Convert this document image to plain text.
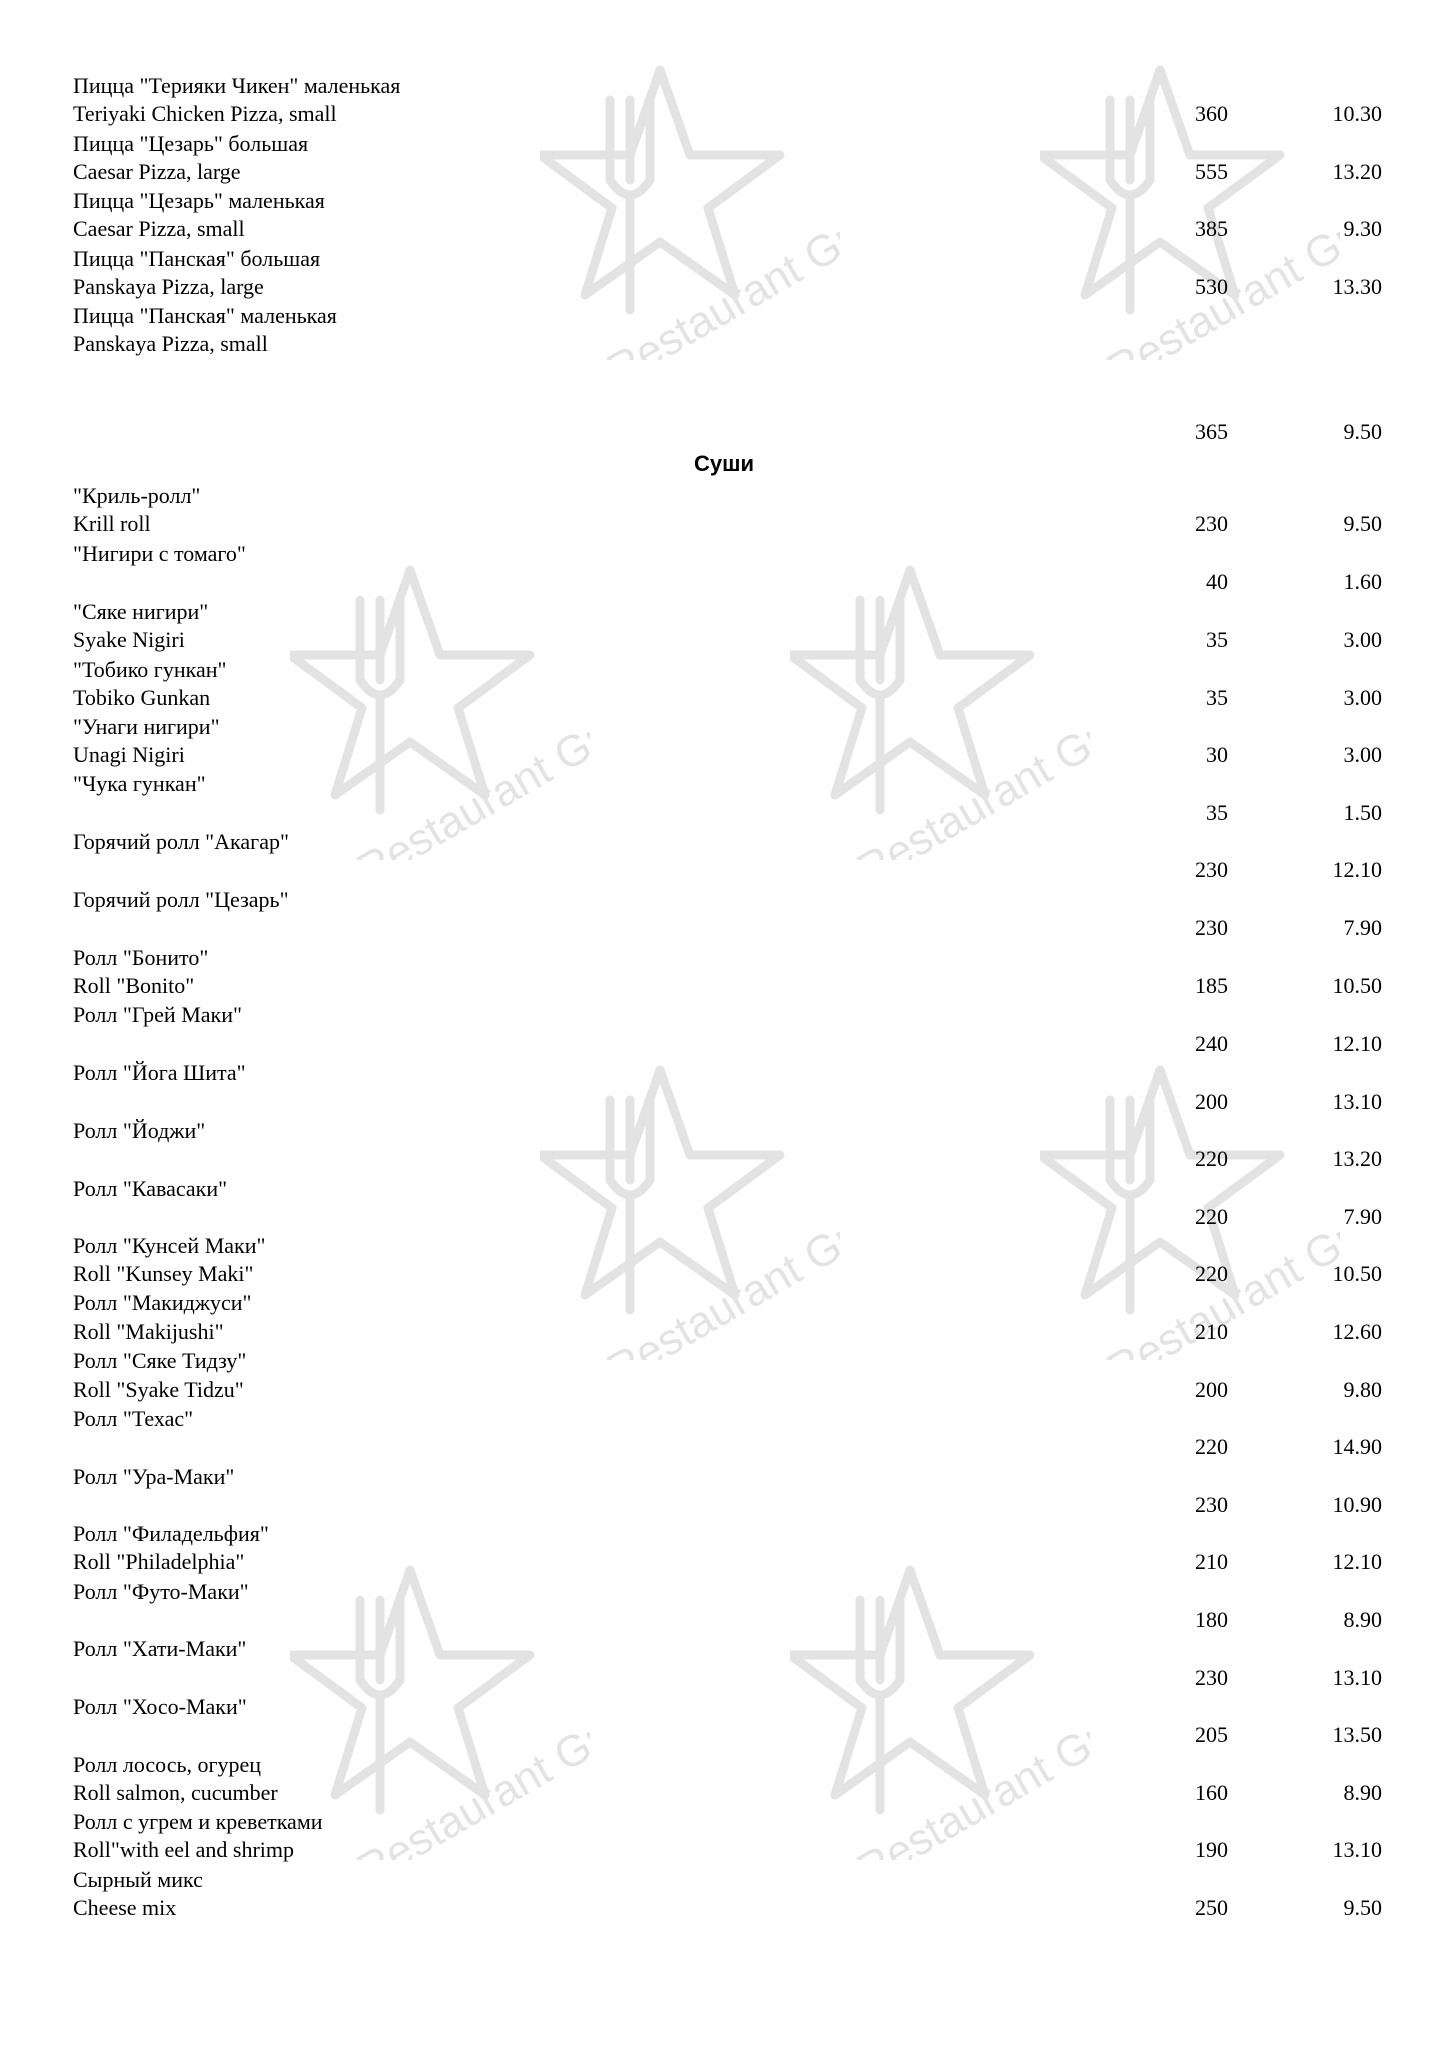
Restaurant Guru
Restaurant Guru
Restaurant Guru
Restaurant Guru
Restaurant Guru
Restaurant Guru
Restaurant Guru
Restaurant Guru
Пицца "Терияки Чикен" маленькая
Teriyaki Chicken Pizza, small	360	10.30
Пицца "Цезарь" большая
Caesar Pizza, large	555	13.20
Пицца "Цезарь" маленькая
Caesar Pizza, small	385	9.30
Пицца "Панская" большая
Panskaya Pizza, large	530	13.30
Пицца "Панская" маленькая
Panskaya Pizza, small
365	9.50
Суши
"Криль-ролл"
Krill roll	230	9.50
"Нигири с томаго"
40	1.60
"Сяке нигири"
Syake Nigiri	35	3.00
"Тобико гункан"
Tobiko Gunkan	35	3.00
"Унаги нигири"
Unagi Nigiri	30	3.00
"Чука гункан"
35	1.50
Горячий ролл "Акагар"
230	12.10
Горячий ролл "Цезарь"
230	7.90
Ролл "Бонито"
Roll "Bonito"	185	10.50
Ролл "Грей Маки"
240	12.10
Ролл "Йога Шита"
200	13.10
Ролл "Йоджи"
220	13.20
Ролл "Кавасаки"
220	7.90
Ролл "Кунсей Маки"
Roll "Kunsey Maki"	220	10.50
Ролл "Макиджуси"
Roll "Makijushi"	210	12.60
Ролл "Сяке Тидзу"
Roll "Syake Tidzu"	200	9.80
Ролл "Техас"
220	14.90
Ролл "Ура-Маки"
230	10.90
Ролл "Филадельфия"
Roll "Philadelphia"	210	12.10
Ролл "Футо-Маки"
180	8.90
Ролл "Хати-Маки"
230	13.10
Ролл "Хосо-Маки"
205	13.50
Ролл лосось, огурец
Roll salmon, cucumber	160	8.90
Ролл с угрем и креветками
Roll"with eel and shrimp	190	13.10
Сырный микс
Cheese mix	250	9.50
